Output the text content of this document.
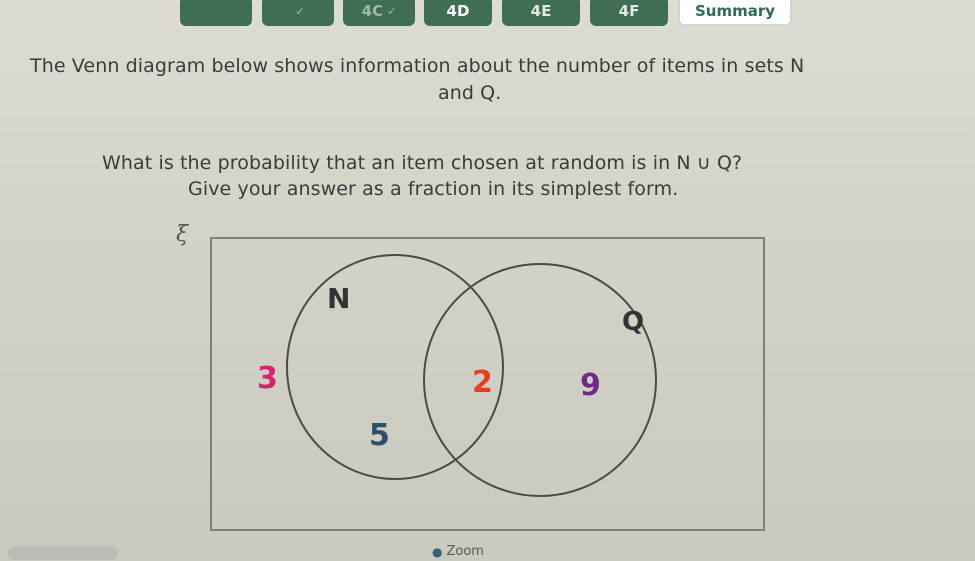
✓	4C ✓	4D	4E	4F	Summary
The Venn diagram below shows information about the number of items in sets N
and Q.
What is the probability that an item chosen at random is in N ∪ Q?
Give your answer as a fraction in its simplest form.
ξ
N
Q
3
5
2	9
● Zoom
